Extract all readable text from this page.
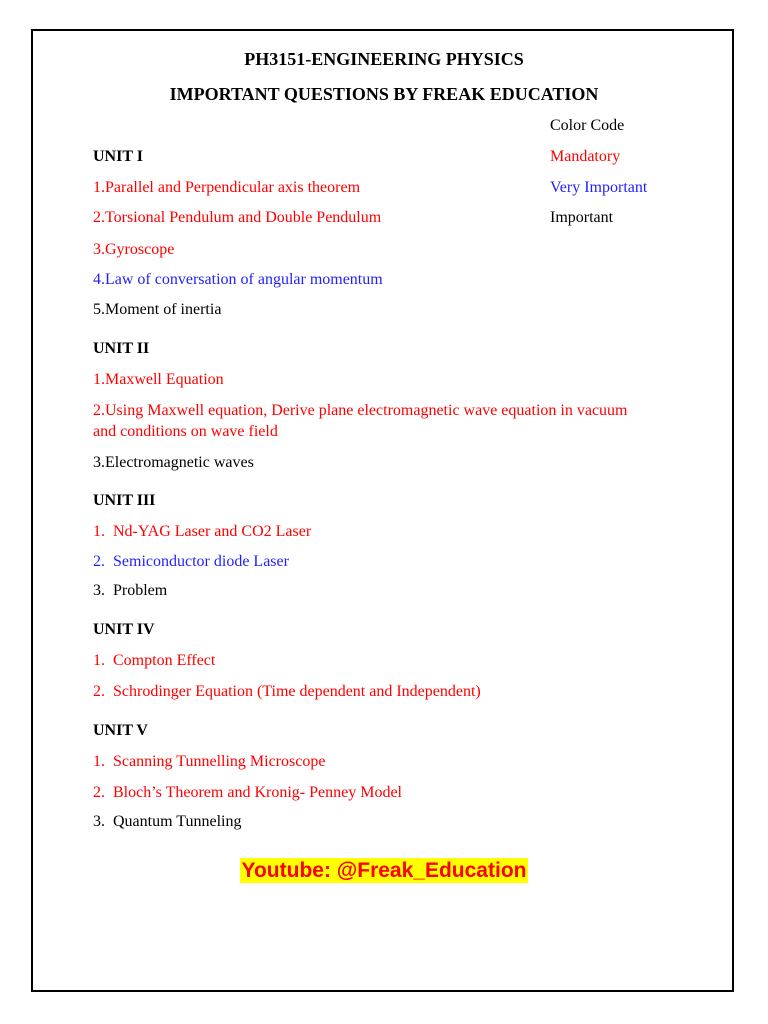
PH3151-ENGINEERING PHYSICS
IMPORTANT QUESTIONS BY FREAK EDUCATION
Color Code
Mandatory
Very Important
Important
UNIT I
1.Parallel and Perpendicular axis theorem
2.Torsional Pendulum and Double Pendulum
3.Gyroscope
4.Law of conversation of angular momentum
5.Moment of inertia
UNIT II
1.Maxwell Equation
2.Using Maxwell equation, Derive plane electromagnetic wave equation in vacuum and conditions on wave field
3.Electromagnetic waves
UNIT III
1. Nd-YAG Laser and CO2 Laser
2. Semiconductor diode Laser
3. Problem
UNIT IV
1. Compton Effect
2. Schrodinger Equation (Time dependent and Independent)
UNIT V
1. Scanning Tunnelling Microscope
2. Bloch’s Theorem and Kronig- Penney Model
3. Quantum Tunneling
Youtube: @Freak_Education
